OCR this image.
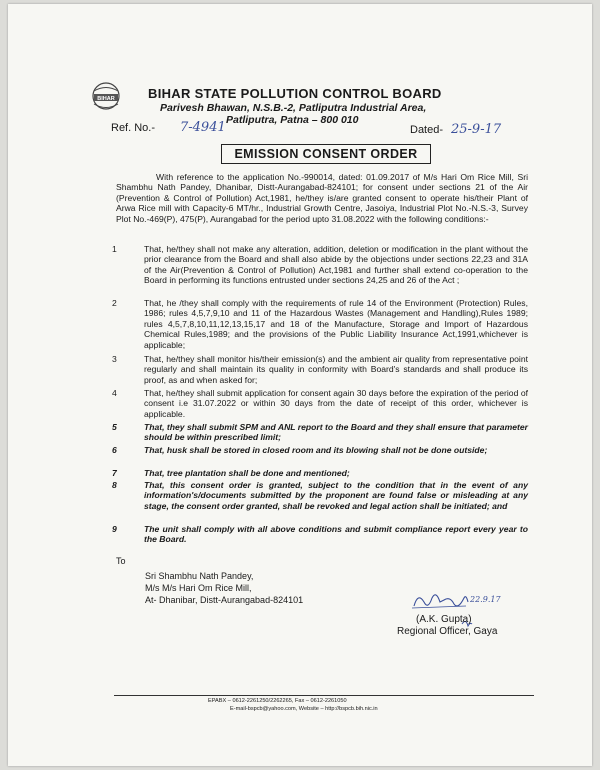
BIHAR	BIHAR STATE POLLUTION CONTROL BOARD
Parivesh Bhawan, N.S.B.-2, Patliputra Industrial Area,
Patliputra, Patna – 800 010
Ref. No.- 7-4941	Dated- 25-9-17
EMISSION CONSENT ORDER
With reference to the application No.-990014, dated: 01.09.2017 of M/s Hari Om Rice Mill, Sri Shambhu Nath Pandey, Dhanibar, Distt-Aurangabad-824101; for consent under sections 21 of the Air (Prevention & Control of Pollution) Act,1981, he/they is/are granted consent to operate his/their Plant of Arwa Rice mill with Capacity-6 MT/hr., Industrial Growth Centre, Jasoiya, Industrial Plot No.-N.S.-3, Survey Plot No.-469(P), 475(P), Aurangabad for the period upto 31.08.2022 with the following conditions:-
1	That, he/they shall not make any alteration, addition, deletion or modification in the plant without the prior clearance from the Board and shall also abide by the objections under sections 22,23 and 31A of the Air(Prevention & Control of Pollution) Act,1981 and further shall extend co-operation to the Board in performing its functions entrusted under sections 24,25 and 26 of the Act ;
2	That, he /they shall comply with the requirements of rule 14 of the Environment (Protection) Rules, 1986; rules 4,5,7,9,10 and 11 of the Hazardous Wastes (Management and Handling),Rules 1989; rules 4,5,7,8,10,11,12,13,15,17 and 18 of the Manufacture, Storage and Import of Hazardous Chemical Rules,1989; and the provisions of the Public Liability Insurance Act,1991,whichever is applicable;
3	That, he/they shall monitor his/their emission(s) and the ambient air quality from representative point regularly and shall maintain its quality in conformity with Board's standards and shall produce its proof, as and when asked for;
4	That, he/they shall submit application for consent again 30 days before the expiration of the period of consent i.e 31.07.2022 or within 30 days from the date of receipt of this order, whichever is applicable.
5	That, they shall submit SPM and ANL report to the Board and they shall ensure that parameter should be within prescribed limit;
6	That, husk shall be stored in closed room and its blowing shall not be done outside;
7	That, tree plantation shall be done and mentioned;
8	That, this consent order is granted, subject to the condition that in the event of any information's/documents submitted by the proponent are found false or misleading at any stage, the consent order granted, shall be revoked and legal action shall be initiated; and
9	The unit shall comply with all above conditions and submit compliance report every year to the Board.
To
Sri Shambhu Nath Pandey,
M/s M/s Hari Om Rice Mill,
At- Dhanibar, Distt-Aurangabad-824101	22.9.17
(A.K. Gupta)
Regional Officer, Gaya
EPABX – 0612-2261250/2262265, Fax – 0612-2261050
E-mail-bspcb@yahoo.com, Website – http://bspcb.bih.nic.in
